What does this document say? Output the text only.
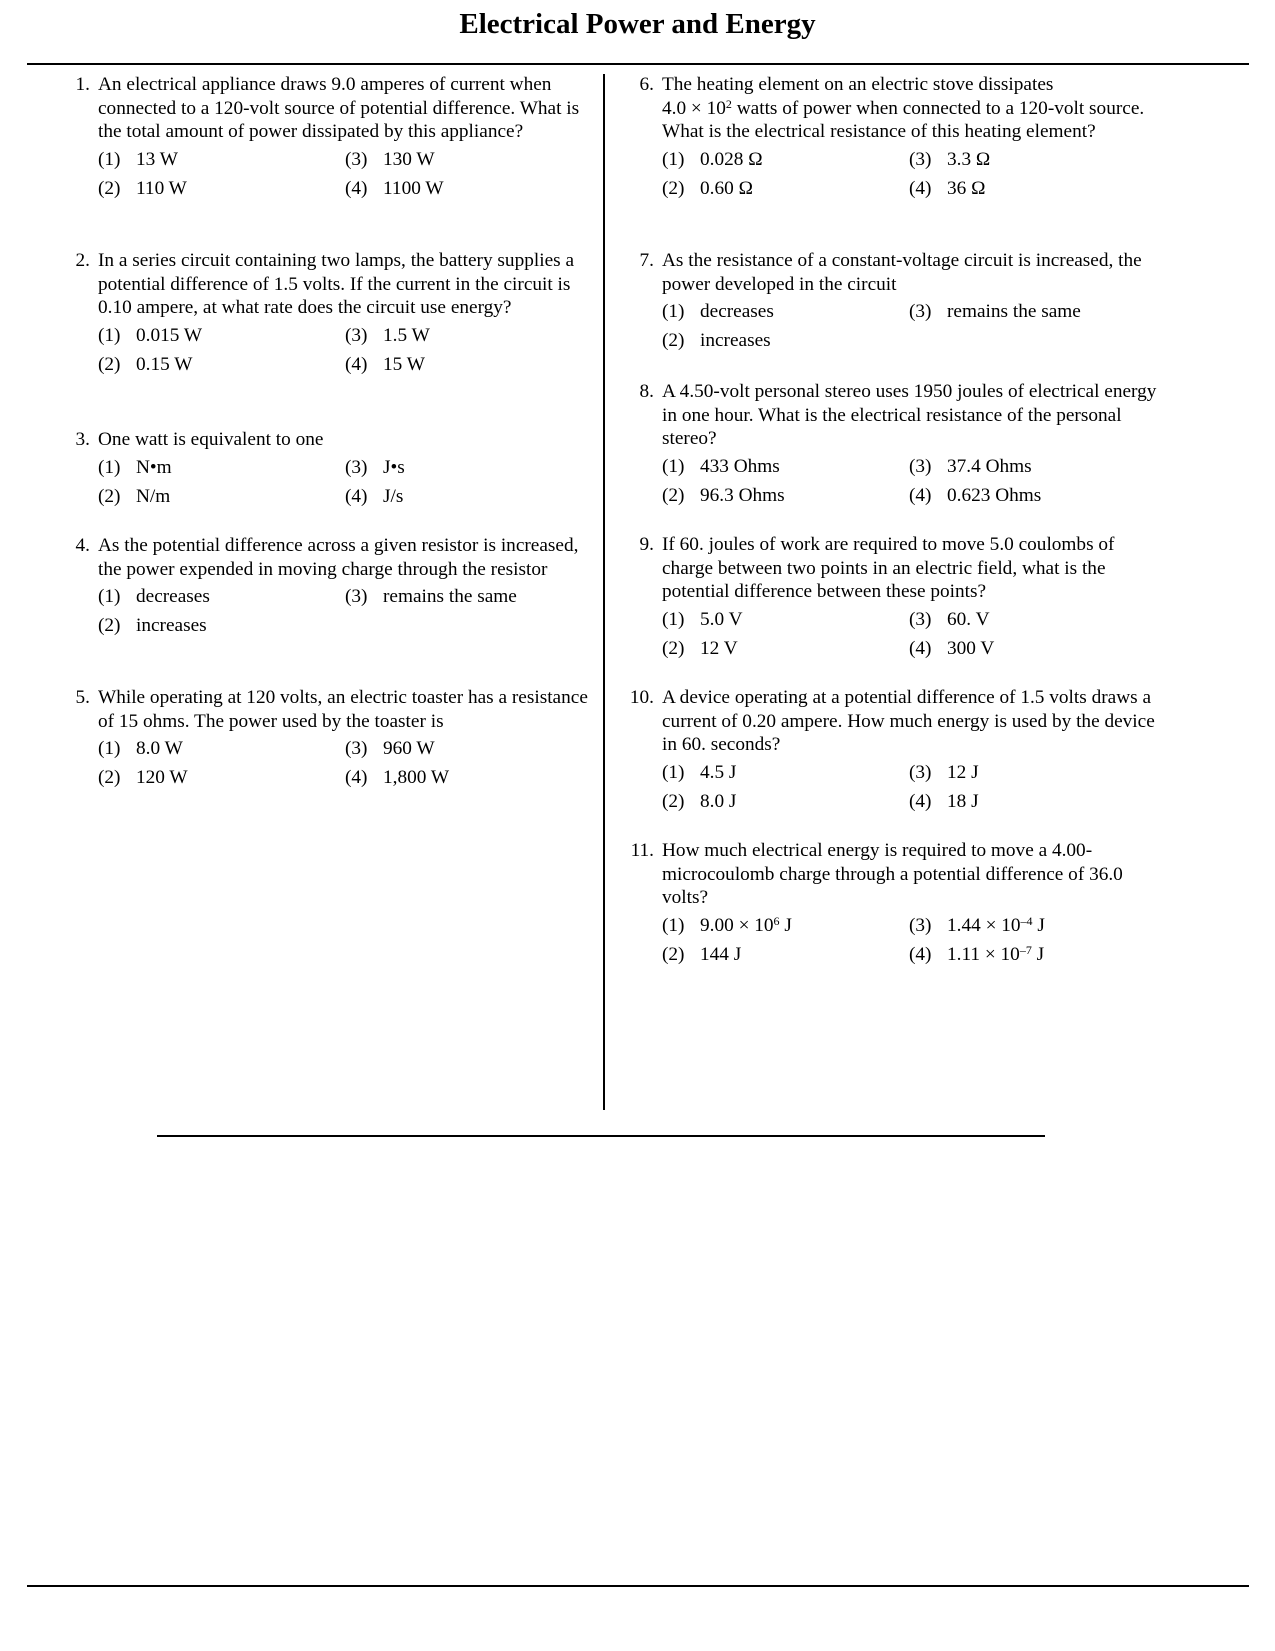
Electrical Power and Energy
1. An electrical appliance draws 9.0 amperes of current when connected to a 120-volt source of potential difference. What is the total amount of power dissipated by this appliance?
(1) 13 W
(2) 110 W
(3) 130 W
(4) 1100 W
2. In a series circuit containing two lamps, the battery supplies a potential difference of 1.5 volts. If the current in the circuit is 0.10 ampere, at what rate does the circuit use energy?
(1) 0.015 W
(2) 0.15 W
(3) 1.5 W
(4) 15 W
3. One watt is equivalent to one
(1) N•m
(2) N/m
(3) J•s
(4) J/s
4. As the potential difference across a given resistor is increased, the power expended in moving charge through the resistor
(1) decreases
(2) increases
(3) remains the same
5. While operating at 120 volts, an electric toaster has a resistance of 15 ohms. The power used by the toaster is
(1) 8.0 W
(2) 120 W
(3) 960 W
(4) 1,800 W
6. The heating element on an electric stove dissipates
$4.0 \times 10^2$ watts of power when connected to a 120-volt source. What is the electrical resistance of this heating element?
(1) 0.028 Ω
(2) 0.60 Ω
(3) 3.3 Ω
(4) 36 Ω
7. As the resistance of a constant-voltage circuit is increased, the power developed in the circuit
(1) decreases
(2) increases
(3) remains the same
8. A 4.50-volt personal stereo uses 1950 joules of electrical energy in one hour. What is the electrical resistance of the personal stereo?
(1) 433 Ohms
(2) 96.3 Ohms
(3) 37.4 Ohms
(4) 0.623 Ohms
9. If 60. joules of work are required to move 5.0 coulombs of charge between two points in an electric field, what is the potential difference between these points?
(1) 5.0 V
(2) 12 V
(3) 60. V
(4) 300 V
10. A device operating at a potential difference of 1.5 volts draws a current of 0.20 ampere. How much energy is used by the device in 60. seconds?
(1) 4.5 J
(2) 8.0 J
(3) 12 J
(4) 18 J
11. How much electrical energy is required to move a 4.00-microcoulomb charge through a potential difference of 36.0 volts?
(1) $9.00 \times 10^6$ J
(2) 144 J
(3) $1.44 \times 10^{-4}$ J
(4) $1.11 \times 10^{-7}$ J
